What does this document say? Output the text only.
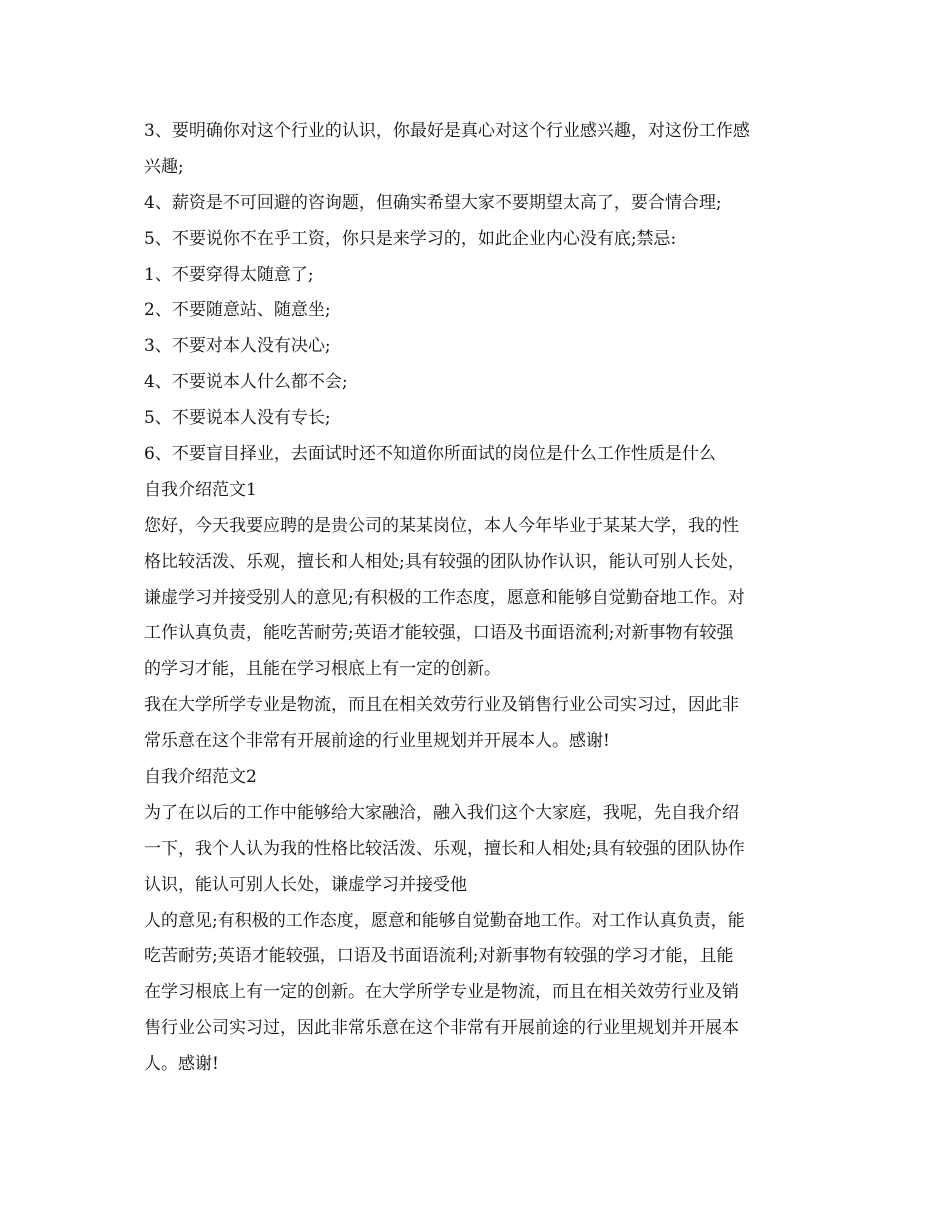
3、要明确你对这个行业的认识，你最好是真心对这个行业感兴趣，对这份工作感
兴趣;
4、薪资是不可回避的咨询题，但确实希望大家不要期望太高了，要合情合理;
5、不要说你不在乎工资，你只是来学习的，如此企业内心没有底;禁忌:
1、不要穿得太随意了;
2、不要随意站、随意坐;
3、不要对本人没有决心;
4、不要说本人什么都不会;
5、不要说本人没有专长;
6、不要盲目择业，去面试时还不知道你所面试的岗位是什么工作性质是什么
自我介绍范文1
您好，今天我要应聘的是贵公司的某某岗位，本人今年毕业于某某大学，我的性
格比较活泼、乐观，擅长和人相处;具有较强的团队协作认识，能认可别人长处，
谦虚学习并接受别人的意见;有积极的工作态度，愿意和能够自觉勤奋地工作。对
工作认真负责，能吃苦耐劳;英语才能较强，口语及书面语流利;对新事物有较强
的学习才能，且能在学习根底上有一定的创新。
我在大学所学专业是物流，而且在相关效劳行业及销售行业公司实习过，因此非
常乐意在这个非常有开展前途的行业里规划并开展本人。感谢!
自我介绍范文2
为了在以后的工作中能够给大家融洽，融入我们这个大家庭，我呢，先自我介绍
一下，我个人认为我的性格比较活泼、乐观，擅长和人相处;具有较强的团队协作
认识，能认可别人长处，谦虚学习并接受他
人的意见;有积极的工作态度，愿意和能够自觉勤奋地工作。对工作认真负责，能
吃苦耐劳;英语才能较强，口语及书面语流利;对新事物有较强的学习才能，且能
在学习根底上有一定的创新。在大学所学专业是物流，而且在相关效劳行业及销
售行业公司实习过，因此非常乐意在这个非常有开展前途的行业里规划并开展本
人。感谢!
